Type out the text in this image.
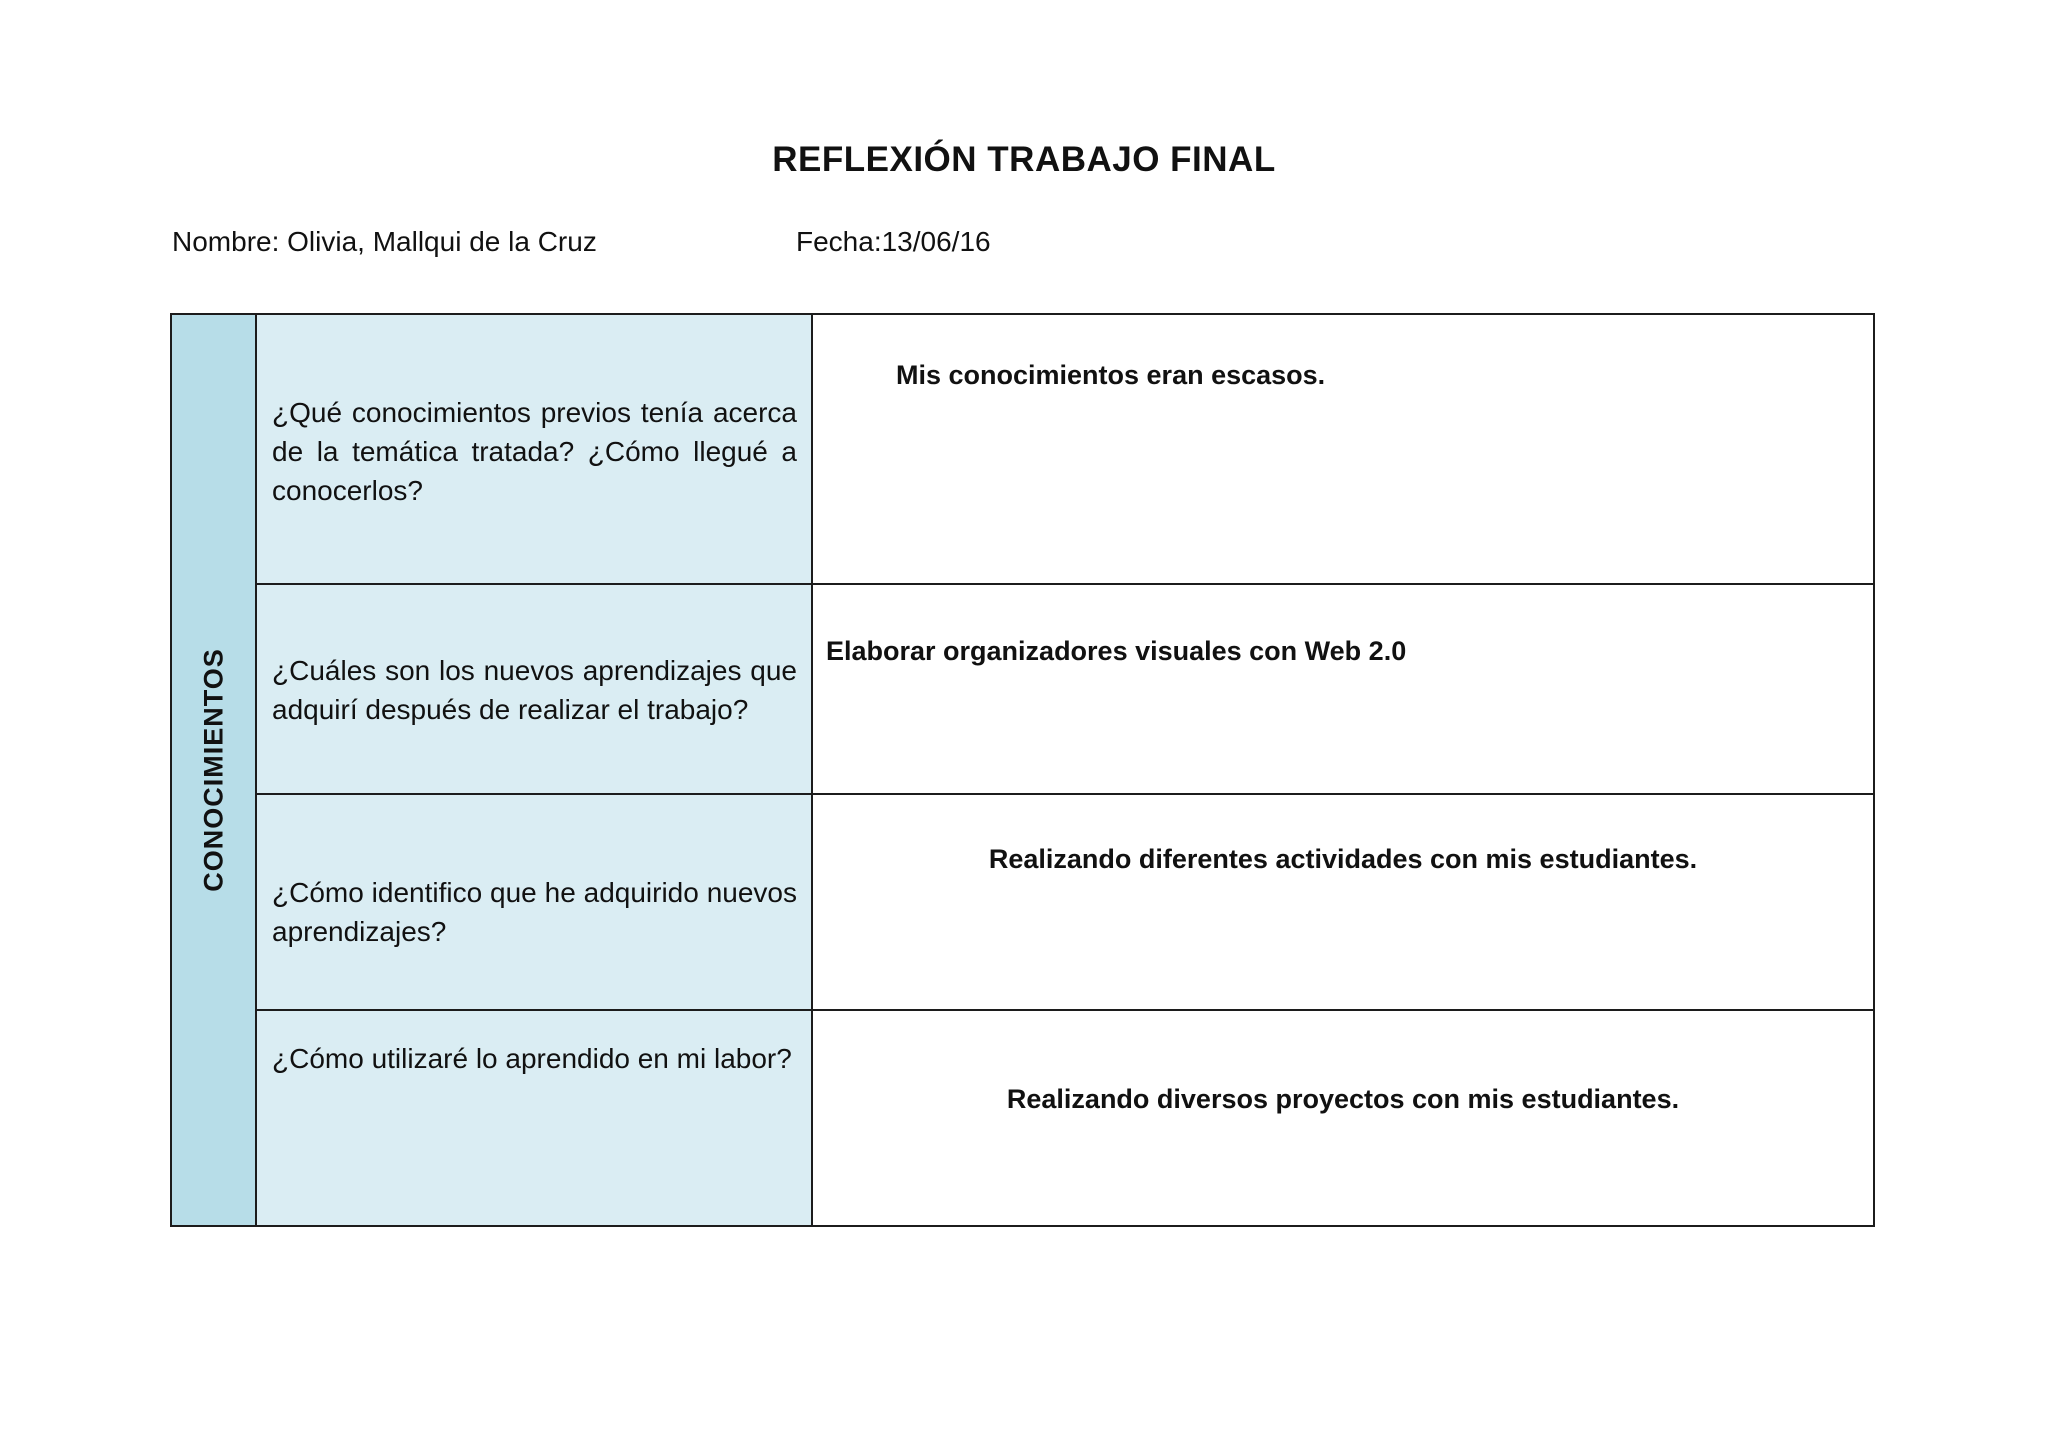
REFLEXIÓN TRABAJO FINAL
Nombre: Olivia, Mallqui de la Cruz	Fecha:13/06/16
CONOCIMIENTOS	¿Qué conocimientos previos tenía acerca de la temática tratada? ¿Cómo llegué a conocerlos?	Mis conocimientos eran escasos.

	¿Cuáles son los nuevos aprendizajes que adquirí después de realizar el trabajo?	Elaborar organizadores visuales con Web 2.0

	¿Cómo identifico que he adquirido nuevos aprendizajes?	Realizando diferentes actividades con mis estudiantes.

	¿Cómo utilizaré lo aprendido en mi labor?	Realizando diversos proyectos con mis estudiantes.
